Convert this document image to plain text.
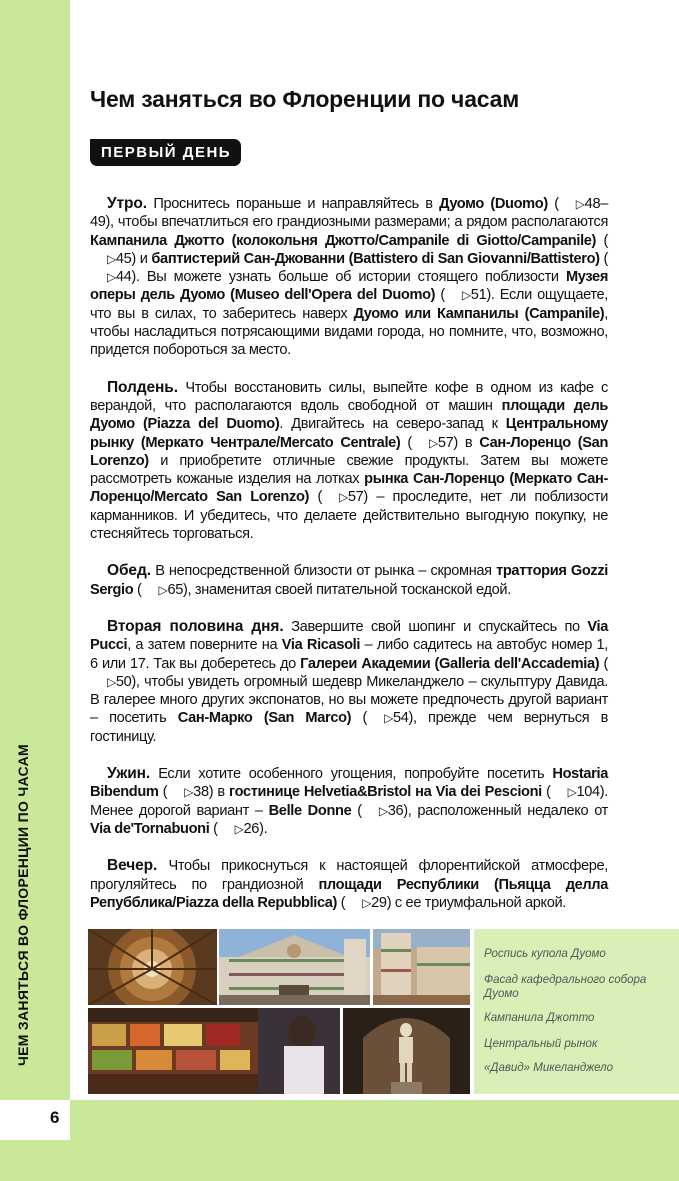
ЧЕМ ЗАНЯТЬСЯ ВО ФЛОРЕНЦИИ ПО ЧАСАМ
6
Чем заняться во Флоренции по часам
ПЕРВЫЙ ДЕНЬ

Утро. Проснитесь пораньше и направляйтесь в Дуомо (Duomo) ( ▷48–49), чтобы впечатлиться его грандиозными размерами; а рядом располагаются Кампанила Джотто (колокольня Джотто/Campanile di Giotto/Campanile) (▷45) и баптистерий Сан-Джованни (Battistero di San Giovanni/Battistero) (▷44). Вы можете узнать больше об истории стоящего поблизости Музея оперы дель Дуомо (Museo dell'Opera del Duomo) ( ▷51). Если ощущаете, что вы в силах, то заберитесь наверх Дуомо или Кампанилы (Campanile), чтобы насладиться потрясающими видами города, но помните, что, возможно, придется побороться за место.

Полдень. Чтобы восстановить силы, выпейте кофе в одном из кафе с верандой, что располагаются вдоль свободной от машин площади дель Дуомо (Piazza del Duomo). Двигайтесь на северо-запад к Центральному рынку (Меркато Чентрале/Mercato Centrale) ( ▷57) в Сан-Лоренцо (San Lorenzo) и приобретите отличные свежие продукты. Затем вы можете рассмотреть кожаные изделия на лотках рынка Сан-Лоренцо (Меркато Сан-Лоренцо/Mercato San Lorenzo) ( ▷57) – проследите, нет ли поблизости карманников. И убедитесь, что делаете действительно выгодную покупку, не стесняйтесь торговаться.

Обед. В непосредственной близости от рынка – скромная траттория Gozzi Sergio ( ▷65), знаменитая своей питательной тосканской едой.

Вторая половина дня. Завершите свой шопинг и спускайтесь по Via Pucci, а затем поверните на Via Ricasoli – либо садитесь на автобус номер 1, 6 или 17. Так вы доберетесь до Галереи Академии (Galleria dell'Accademia) (▷50), чтобы увидеть огромный шедевр Микеланджело – скульптуру Давида. В галерее много других экспонатов, но вы можете предпочесть другой вариант – посетить Сан-Марко (San Marco) ( ▷54), прежде чем вернуться в гостиницу.

Ужин. Если хотите особенного угощения, попробуйте посетить Hostaria Bibendum ( ▷38) в гостинице Helvetia&Bristol на Via dei Pescioni ( ▷104). Менее дорогой вариант – Belle Donne ( ▷36), расположенный недалеко от Via de'Tornabuoni ( ▷26).

Вечер. Чтобы прикоснуться к настоящей флорентийской атмосфере, прогуляйтесь по грандиозной площади Республики (Пьяцца делла Репубблика/Piazza della Repubblica) ( ▷29) с ее триумфальной аркой.

Роспись купола Дуомо
Фасад кафедрального собора Дуомо
Кампанила Джотто
Центральный рынок
«Давид» Микеланджело
